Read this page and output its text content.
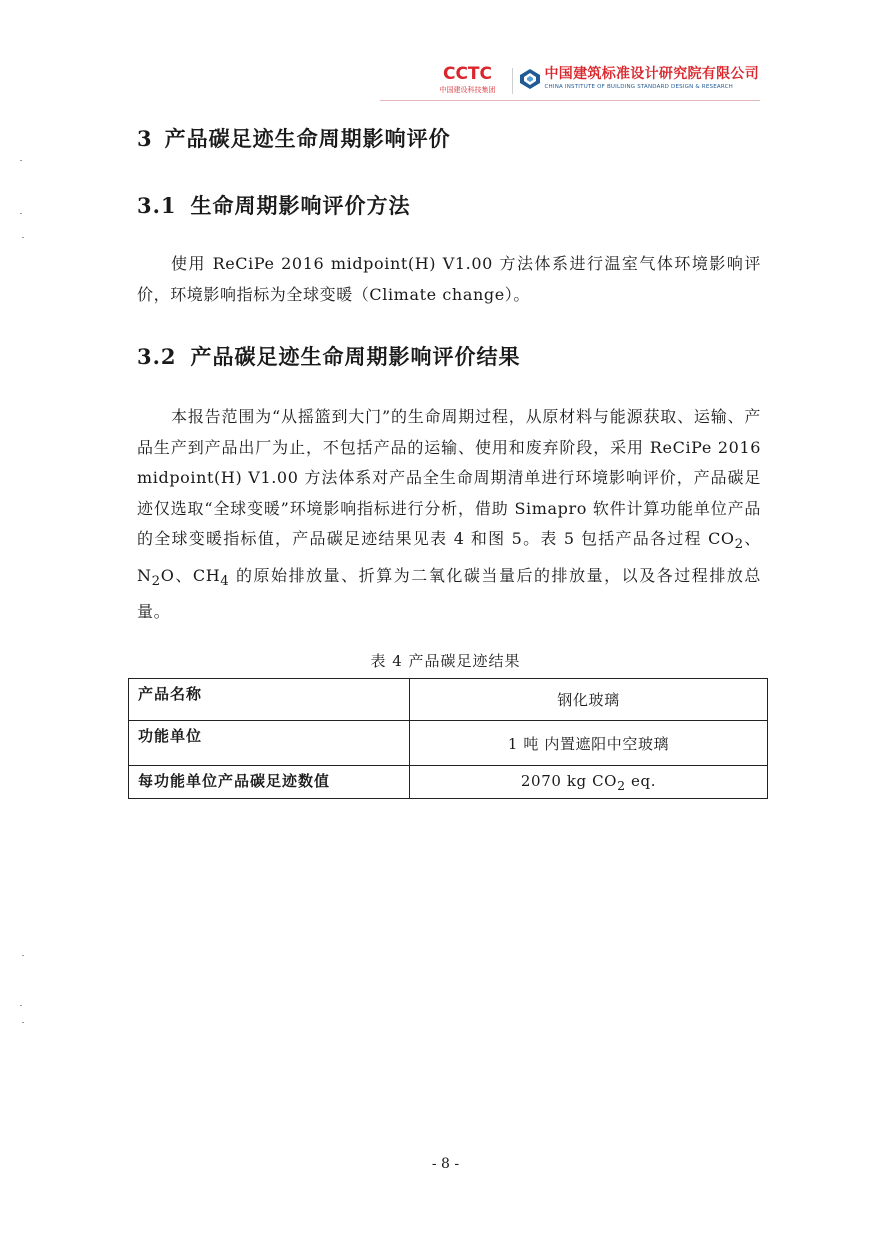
CCTC
中国建设科技集团
中国建筑标准设计研究院有限公司
CHINA INSTITUTE OF BUILDING STANDARD DESIGN & RESEARCH
3 产品碳足迹生命周期影响评价
3.1 生命周期影响评价方法
使用 ReCiPe 2016 midpoint(H) V1.00 方法体系进行温室气体环境影响评价，环境影响指标为全球变暖（Climate change）。
3.2 产品碳足迹生命周期影响评价结果
本报告范围为“从摇篮到大门”的生命周期过程，从原材料与能源获取、运输、产品生产到产品出厂为止，不包括产品的运输、使用和废弃阶段，采用 ReCiPe 2016 midpoint(H) V1.00 方法体系对产品全生命周期清单进行环境影响评价，产品碳足迹仅选取“全球变暖”环境影响指标进行分析，借助 Simapro 软件计算功能单位产品的全球变暖指标值，产品碳足迹结果见表 4 和图 5。表 5 包括产品各过程 $CO_2$、$N_2O$、$CH_4$ 的原始排放量、折算为二氧化碳当量后的排放量，以及各过程排放总量。
表 4 产品碳足迹结果
产品名称	钢化玻璃
功能单位	1 吨 内置遮阳中空玻璃
每功能单位产品碳足迹数值	2070 kg $CO_2$ eq.
- 8 -
